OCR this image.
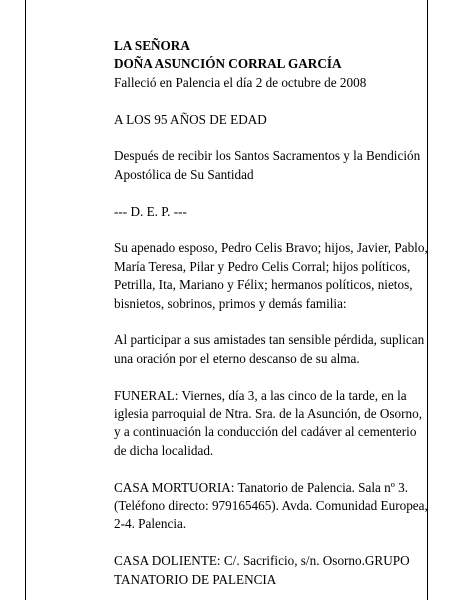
LA SEÑORA

DOÑA ASUNCIÓN CORRAL GARCÍA

Falleció en Palencia el día 2 de octubre de 2008

A LOS 95 AÑOS DE EDAD

Después de recibir los Santos Sacramentos y la Bendición Apostólica de Su Santidad

--- D. E. P. ---

Su apenado esposo, Pedro Celis Bravo; hijos, Javier, Pablo, María Teresa, Pilar y Pedro Celis Corral; hijos políticos, Petrilla, Ita, Mariano y Félix; hermanos políticos, nietos, bisnietos, sobrinos, primos y demás familia:

Al participar a sus amistades tan sensible pérdida, suplican una oración por el eterno descanso de su alma.

FUNERAL: Viernes, día 3, a las cinco de la tarde, en la iglesia parroquial de Ntra. Sra. de la Asunción, de Osorno, y a continuación la conducción del cadáver al cementerio de dicha localidad.

CASA MORTUORIA: Tanatorio de Palencia. Sala nº 3. (Teléfono directo: 979165465). Avda. Comunidad Europea, 2-4. Palencia.

CASA DOLIENTE: C/. Sacrificio, s/n. Osorno.GRUPO TANATORIO DE PALENCIA
